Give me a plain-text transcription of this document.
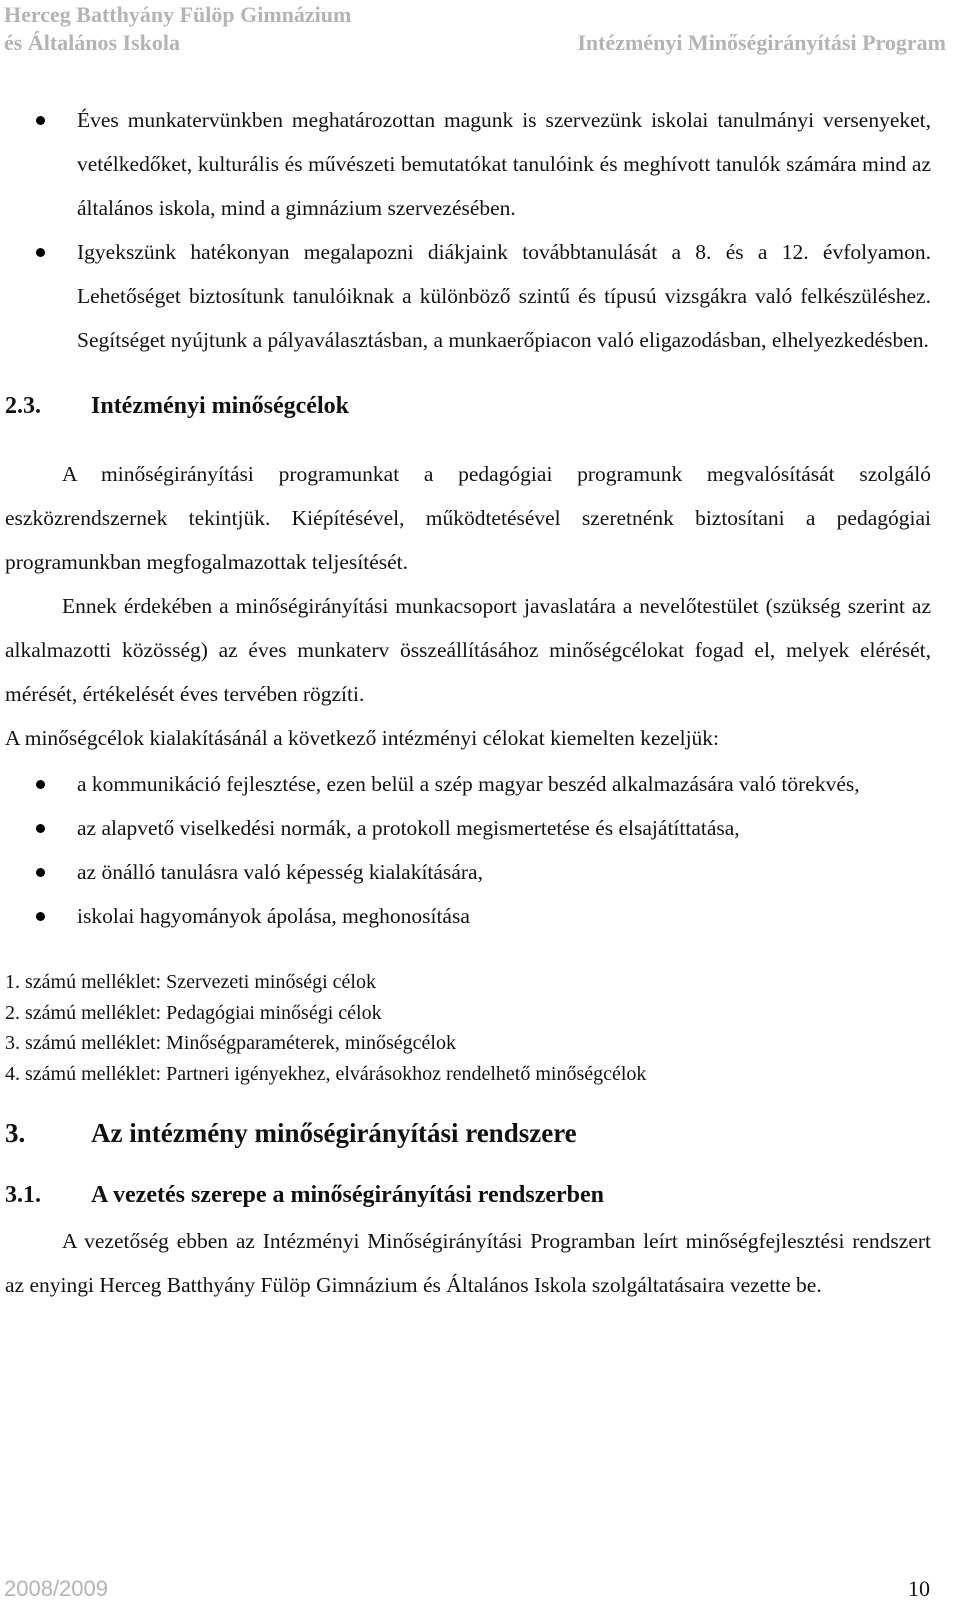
Herceg Batthyány Fülöp Gimnázium
és Általános Iskola	Intézményi Minőségirányítási Program
Éves munkatervünkben meghatározottan magunk is szervezünk iskolai tanulmányi versenyeket, vetélkedőket, kulturális és művészeti bemutatókat tanulóink és meghívott tanulók számára mind az általános iskola, mind a gimnázium szervezésében.
Igyekszünk hatékonyan megalapozni diákjaink továbbtanulását a 8. és a 12. évfolyamon. Lehetőséget biztosítunk tanulóiknak a különböző szintű és típusú vizsgákra való felkészüléshez. Segítséget nyújtunk a pályaválasztásban, a munkaerőpiacon való eligazodásban, elhelyezkedésben.
2.3. Intézményi minőségcélok

A minőségirányítási programunkat a pedagógiai programunk megvalósítását szolgáló eszközrendszernek tekintjük. Kiépítésével, működtetésével szeretnénk biztosítani a pedagógiai programunkban megfogalmazottak teljesítését.

Ennek érdekében a minőségirányítási munkacsoport javaslatára a nevelőtestület (szükség szerint az alkalmazotti közösség) az éves munkaterv összeállításához minőségcélokat fogad el, melyek elérését, mérését, értékelését éves tervében rögzíti.

A minőségcélok kialakításánál a következő intézményi célokat kiemelten kezeljük:

a kommunikáció fejlesztése, ezen belül a szép magyar beszéd alkalmazására való törekvés,
az alapvető viselkedési normák, a protokoll megismertetése és elsajátíttatása,
az önálló tanulásra való képesség kialakítására,
iskolai hagyományok ápolása, meghonosítása
1. számú melléklet: Szervezeti minőségi célok
2. számú melléklet: Pedagógiai minőségi célok
3. számú melléklet: Minőségparaméterek, minőségcélok
4. számú melléklet: Partneri igényekhez, elvárásokhoz rendelhető minőségcélok
3. Az intézmény minőségirányítási rendszere
3.1. A vezetés szerepe a minőségirányítási rendszerben

A vezetőség ebben az Intézményi Minőségirányítási Programban leírt minőségfejlesztési rendszert az enyingi Herceg Batthyány Fülöp Gimnázium és Általános Iskola szolgáltatásaira vezette be.

2008/2009	10
